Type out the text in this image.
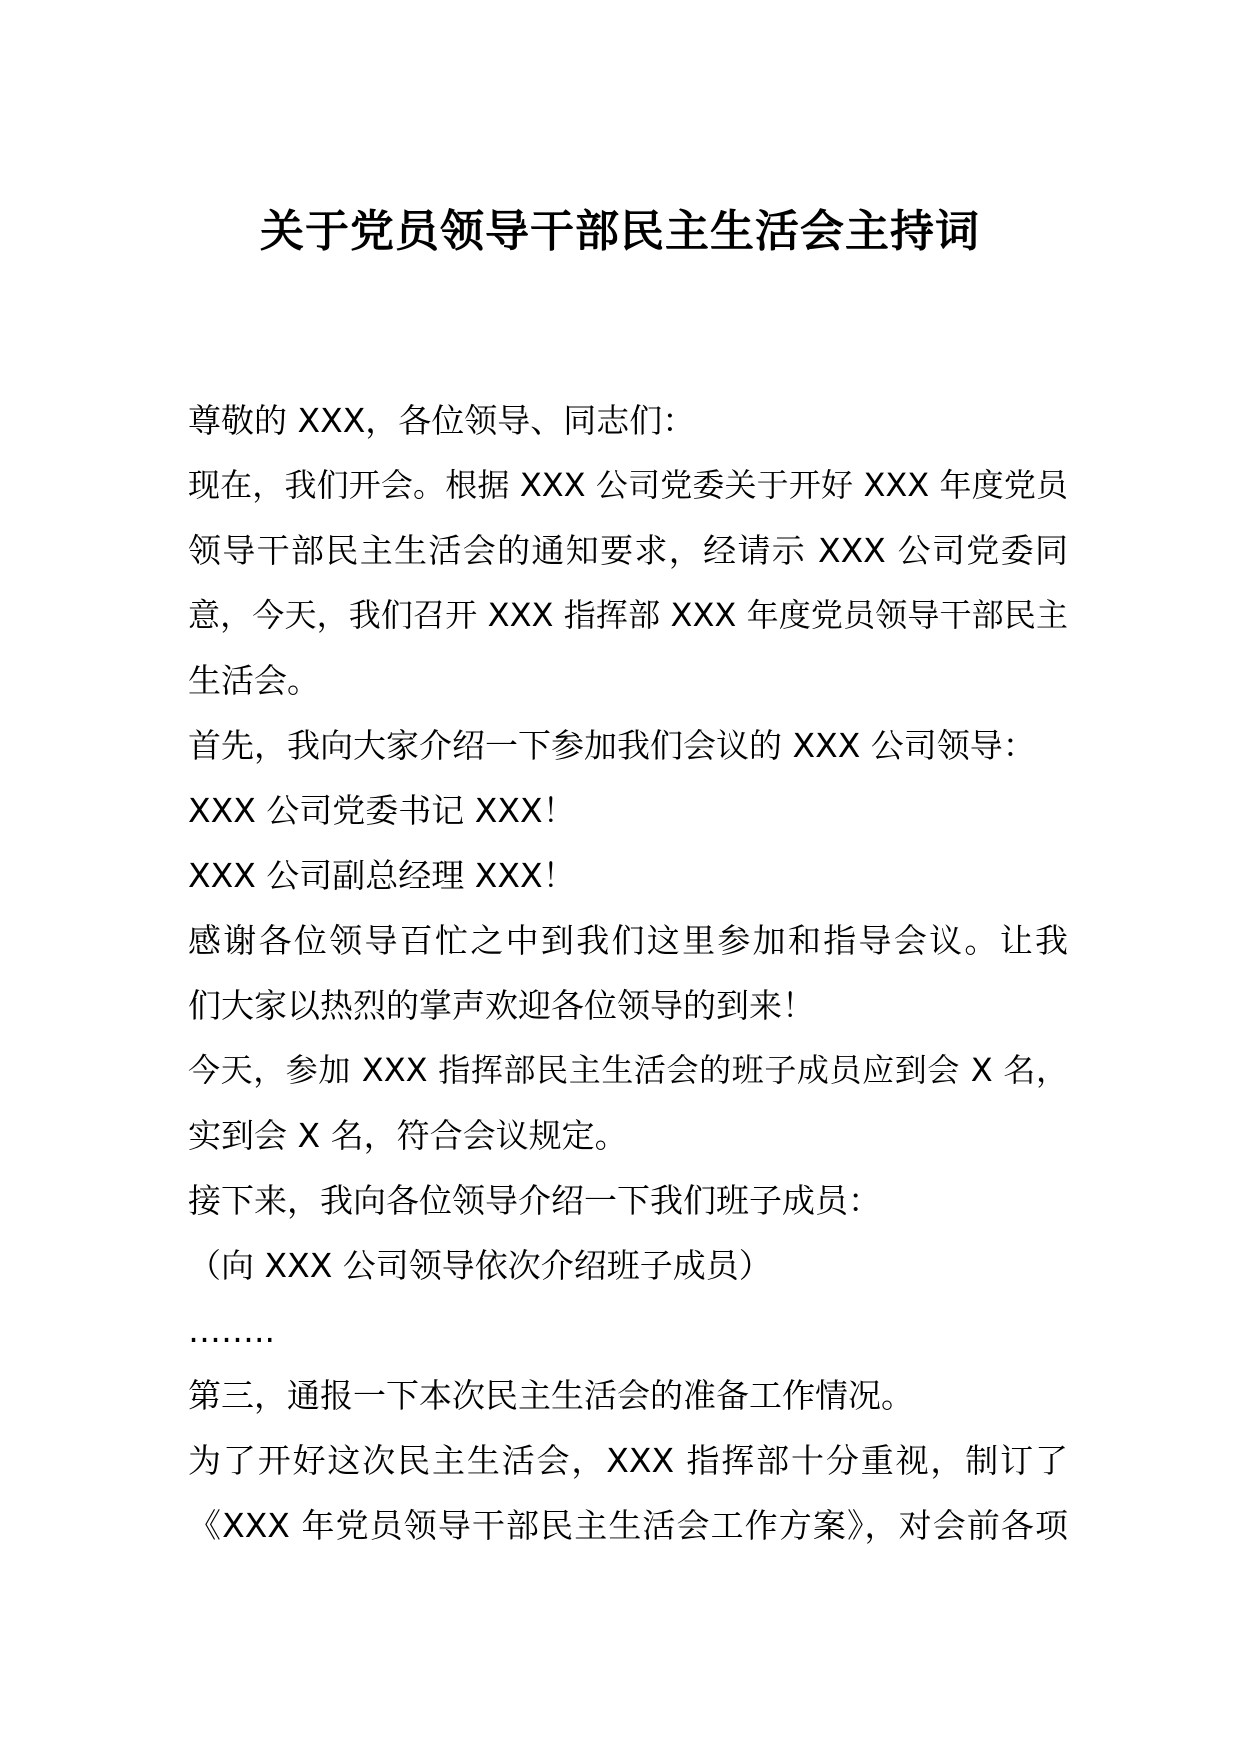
关于党员领导干部民主生活会主持词
尊敬的 XXX，各位领导、同志们：
现在，我们开会。根据 XXX 公司党委关于开好 XXX 年度党员
领导干部民主生活会的通知要求，经请示 XXX 公司党委同
意，今天，我们召开 XXX 指挥部 XXX 年度党员领导干部民主
生活会。
首先，我向大家介绍一下参加我们会议的 XXX 公司领导：
XXX 公司党委书记 XXX！
XXX 公司副总经理 XXX！
感谢各位领导百忙之中到我们这里参加和指导会议。让我
们大家以热烈的掌声欢迎各位领导的到来！
今天，参加 XXX 指挥部民主生活会的班子成员应到会 X 名，
实到会 X 名，符合会议规定。
接下来，我向各位领导介绍一下我们班子成员：
（向 XXX 公司领导依次介绍班子成员）
……..
第三，通报一下本次民主生活会的准备工作情况。
为了开好这次民主生活会，XXX 指挥部十分重视，制订了
《XXX 年党员领导干部民主生活会工作方案》，对会前各项
